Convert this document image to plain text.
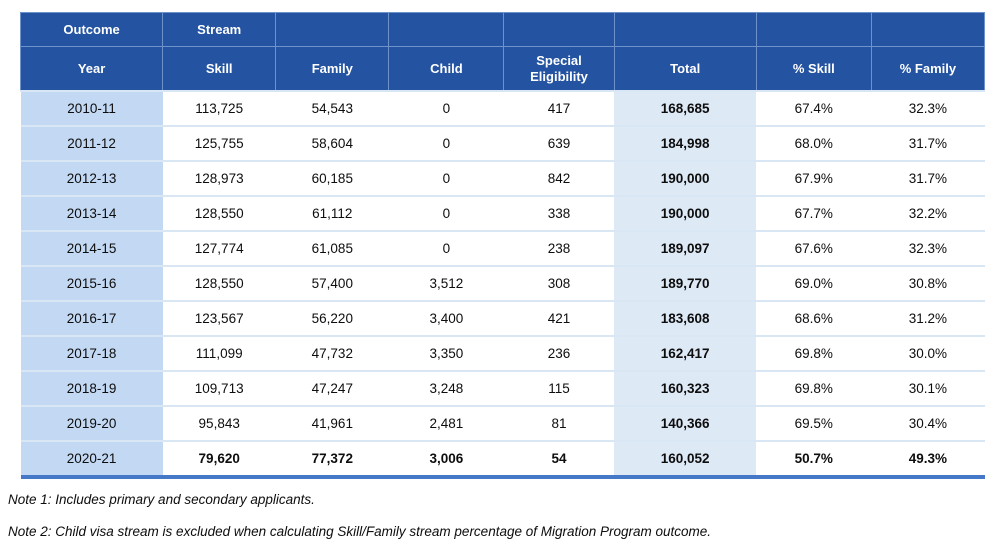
Outcome	Stream						
Year	Skill	Family	Child	Special Eligibility	Total	% Skill	% Family
2010-11	113,725	54,543	0	417	168,685	67.4%	32.3%
2011-12	125,755	58,604	0	639	184,998	68.0%	31.7%
2012-13	128,973	60,185	0	842	190,000	67.9%	31.7%
2013-14	128,550	61,112	0	338	190,000	67.7%	32.2%
2014-15	127,774	61,085	0	238	189,097	67.6%	32.3%
2015-16	128,550	57,400	3,512	308	189,770	69.0%	30.8%
2016-17	123,567	56,220	3,400	421	183,608	68.6%	31.2%
2017-18	111,099	47,732	3,350	236	162,417	69.8%	30.0%
2018-19	109,713	47,247	3,248	115	160,323	69.8%	30.1%
2019-20	95,843	41,961	2,481	81	140,366	69.5%	30.4%
2020-21	79,620	77,372	3,006	54	160,052	50.7%	49.3%

Note 1: Includes primary and secondary applicants.

Note 2: Child visa stream is excluded when calculating Skill/Family stream percentage of Migration Program outcome.
